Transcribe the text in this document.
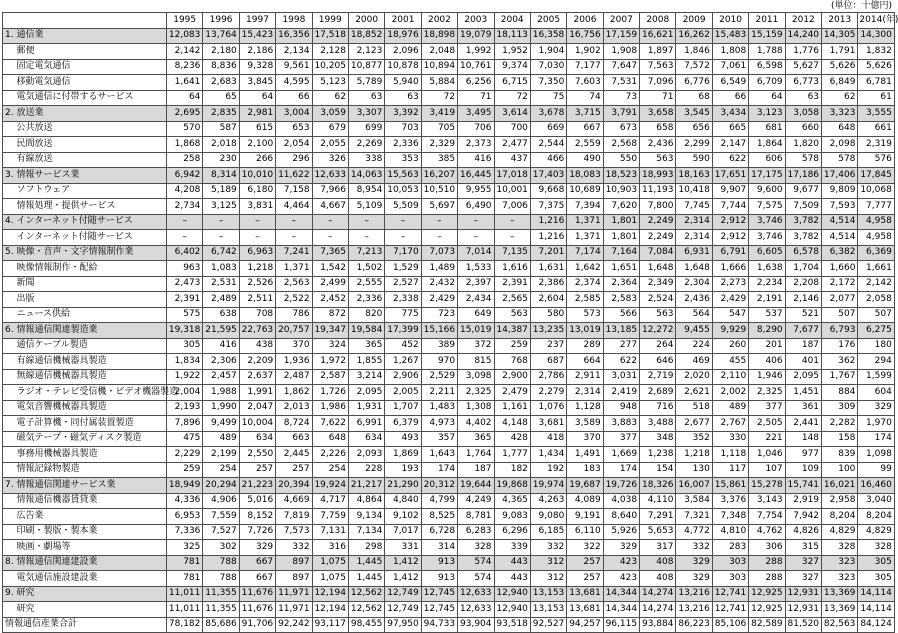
(単位：十億円)
		1995	1996	1997	1998	1999	2000	2001	2002	2003	2004	2005	2006	2007	2008	2009	2010	2011	2012	2013	2014(年)
1.	通信業	12,083	13,764	15,423	16,356	17,518	18,852	18,976	18,898	19,079	18,113	16,358	16,756	17,159	16,621	16,262	15,483	15,159	14,240	14,305	14,300
	郵便	2,142	2,180	2,186	2,134	2,128	2,123	2,096	2,048	1,992	1,952	1,904	1,902	1,908	1,897	1,846	1,808	1,788	1,776	1,791	1,832
	固定電気通信	8,236	8,836	9,328	9,561	10,205	10,877	10,878	10,894	10,761	9,374	7,030	7,177	7,647	7,563	7,572	7,061	6,598	5,627	5,626	5,626
	移動電気通信	1,641	2,683	3,845	4,595	5,123	5,789	5,940	5,884	6,256	6,715	7,350	7,603	7,531	7,096	6,776	6,549	6,709	6,773	6,849	6,781
	電気通信に付帯するサービス	64	65	64	66	62	63	63	72	71	72	75	74	73	71	68	66	64	63	62	61
2.	放送業	2,695	2,835	2,981	3,004	3,059	3,307	3,392	3,419	3,495	3,614	3,678	3,715	3,791	3,658	3,545	3,434	3,123	3,058	3,323	3,555
	公共放送	570	587	615	653	679	699	703	705	706	700	669	667	673	658	656	665	681	660	648	661
	民間放送	1,868	2,018	2,100	2,054	2,055	2,269	2,336	2,329	2,373	2,477	2,544	2,559	2,568	2,436	2,299	2,147	1,864	1,820	2,098	2,319
	有線放送	258	230	266	296	326	338	353	385	416	437	466	490	550	563	590	622	606	578	578	576
3.	情報サービス業	6,942	8,314	10,010	11,622	12,633	14,063	15,563	16,207	16,445	17,018	17,403	18,083	18,523	18,993	18,163	17,651	17,175	17,186	17,406	17,845
	ソフトウェア	4,208	5,189	6,180	7,158	7,966	8,954	10,053	10,510	9,955	10,001	9,668	10,689	10,903	11,193	10,418	9,907	9,600	9,677	9,809	10,068
	情報処理・提供サービス	2,734	3,125	3,831	4,464	4,667	5,109	5,509	5,697	6,490	7,006	7,375	7,394	7,620	7,800	7,745	7,744	7,575	7,509	7,593	7,777
4.	インターネット付随サービス	–	–	–	–	–	–	–	–	–	–	1,216	1,371	1,801	2,249	2,314	2,912	3,746	3,782	4,514	4,958
	インターネット付随サービス	–	–	–	–	–	–	–	–	–	–	1,216	1,371	1,801	2,249	2,314	2,912	3,746	3,782	4,514	4,958
5.	映像・音声・文字情報制作業	6,402	6,742	6,963	7,241	7,365	7,213	7,170	7,073	7,014	7,135	7,201	7,174	7,164	7,084	6,931	6,791	6,605	6,578	6,382	6,369
	映像情報制作・配給	963	1,083	1,218	1,371	1,542	1,502	1,529	1,489	1,533	1,616	1,631	1,642	1,651	1,648	1,648	1,666	1,638	1,704	1,660	1,661
	新聞	2,473	2,531	2,526	2,563	2,499	2,555	2,527	2,432	2,397	2,391	2,386	2,374	2,364	2,349	2,304	2,273	2,234	2,208	2,172	2,142
	出版	2,391	2,489	2,511	2,522	2,452	2,336	2,338	2,429	2,434	2,565	2,604	2,585	2,583	2,524	2,436	2,429	2,191	2,146	2,077	2,058
	ニュース供給	575	638	708	786	872	820	775	723	649	563	580	573	566	563	564	547	537	521	507	507
6.	情報通信関連製造業	19,318	21,595	22,763	20,757	19,347	19,584	17,399	15,166	15,019	14,387	13,235	13,019	13,185	12,272	9,455	9,929	8,290	7,677	6,793	6,275
	通信ケーブル製造	305	416	438	370	324	365	452	389	372	259	237	289	277	264	224	260	201	187	176	180
	有線通信機械器具製造	1,834	2,306	2,209	1,936	1,972	1,855	1,267	970	815	768	687	664	622	646	469	455	406	401	362	294
	無線通信機械器具製造	1,922	2,457	2,637	2,487	2,587	3,214	2,906	2,529	3,098	2,900	2,786	2,911	3,031	2,719	2,020	2,110	1,946	2,095	1,767	1,599
	ラジオ・テレビ受信機・ビデオ機器製造	2,004	1,988	1,991	1,862	1,726	2,095	2,005	2,211	2,325	2,479	2,279	2,314	2,419	2,689	2,621	2,002	2,325	1,451	884	604
	電気音響機械器具製造	2,193	1,990	2,047	2,013	1,986	1,931	1,707	1,483	1,308	1,161	1,076	1,128	948	716	518	489	377	361	309	329
	電子計算機・同付属装置製造	7,896	9,499	10,004	8,724	7,622	6,991	6,379	4,973	4,402	4,148	3,681	3,589	3,883	3,488	2,677	2,767	2,505	2,441	2,282	1,970
	磁気テープ・磁気ディスク製造	475	489	634	663	648	634	493	357	365	428	418	370	377	348	352	330	221	148	158	174
	事務用機械器具製造	2,229	2,199	2,550	2,445	2,226	2,093	1,869	1,643	1,764	1,777	1,434	1,491	1,669	1,238	1,218	1,118	1,046	977	839	1,098
	情報記録物製造	259	254	257	257	254	228	193	174	187	182	192	183	174	154	130	117	107	109	100	99
7.	情報通信関連サービス業	18,949	20,294	21,223	20,394	19,924	21,217	21,290	20,312	19,644	19,868	19,974	19,687	19,726	18,326	16,007	15,861	15,278	15,741	16,021	16,460
	情報通信機器賃貸業	4,336	4,906	5,016	4,669	4,717	4,864	4,840	4,799	4,249	4,365	4,263	4,089	4,038	4,110	3,584	3,376	3,143	2,919	2,958	3,040
	広告業	6,953	7,559	8,152	7,819	7,759	9,134	9,102	8,525	8,781	9,083	9,080	9,191	8,640	7,291	7,321	7,348	7,754	7,942	8,204	8,204
	印刷・製版・製本業	7,336	7,527	7,726	7,573	7,131	7,134	7,017	6,728	6,283	6,296	6,185	6,110	5,926	5,653	4,772	4,810	4,762	4,826	4,829	4,829
	映画・劇場等	325	302	329	332	316	298	331	314	328	339	332	322	329	317	332	283	306	315	328	328
8.	情報通信関連建設業	781	788	667	897	1,075	1,445	1,412	913	574	443	312	257	423	408	329	303	288	327	323	305
	電気通信施設建設業	781	788	667	897	1,075	1,445	1,412	913	574	443	312	257	423	408	329	303	288	327	323	305
9.	研究	11,011	11,355	11,676	11,971	12,194	12,562	12,749	12,745	12,633	12,940	13,153	13,681	14,344	14,274	13,216	12,741	12,925	12,931	13,369	14,114
	研究	11,011	11,355	11,676	11,971	12,194	12,562	12,749	12,745	12,633	12,940	13,153	13,681	14,344	14,274	13,216	12,741	12,925	12,931	13,369	14,114
情報通信産業合計		78,182	85,686	91,706	92,242	93,117	98,455	97,950	94,733	93,904	93,518	92,527	94,257	96,115	93,884	86,223	85,106	82,589	81,520	82,563	84,124
